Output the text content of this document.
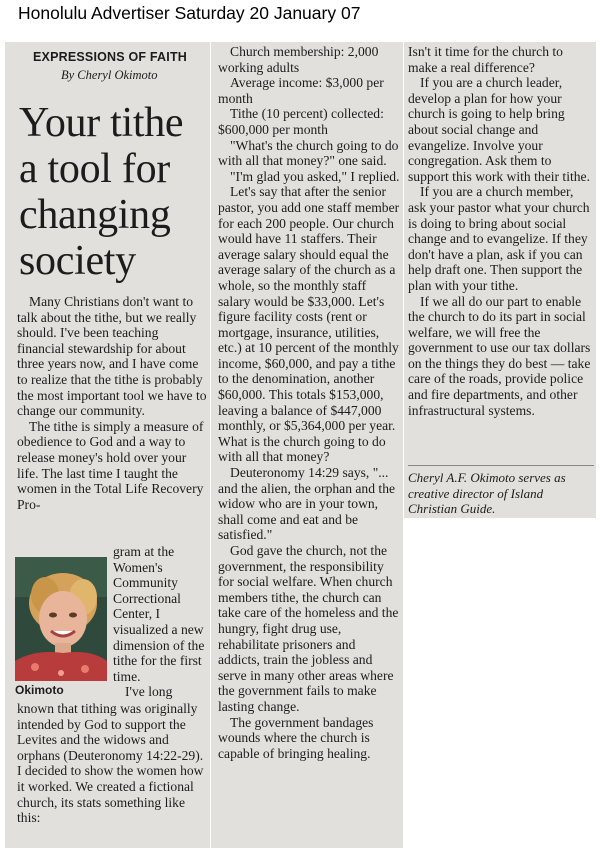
Honolulu Advertiser Saturday 20 January 07
EXPRESSIONS OF FAITH
By Cheryl Okimoto
Your tithe a tool for changing society

Many Christians don't want to talk about the tithe, but we really should. I've been teaching financial stewardship for about three years now, and I have come to realize that the tithe is probably the most important tool we have to change our community.

The tithe is simply a measure of obedience to God and a way to release money's hold over your life. The last time I taught the women in the Total Life Recovery Pro-

Okimoto

gram at the Women's Community Correctional Center, I visualized a new dimension of the tithe for the first time.

I've long

known that tithing was originally intended by God to support the Levites and the widows and orphans (Deuteronomy 14:22-29). I decided to show the women how it worked. We created a fictional church, its stats something like this:

Church membership: 2,000 working adults

Average income: $3,000 per month

Tithe (10 percent) collected: $600,000 per month

"What's the church going to do with all that money?" one said.

"I'm glad you asked," I replied.

Let's say that after the senior pastor, you add one staff member for each 200 people. Our church would have 11 staffers. Their average salary should equal the average salary of the church as a whole, so the monthly staff salary would be $33,000. Let's figure facility costs (rent or mortgage, insurance, utilities, etc.) at 10 percent of the monthly income, $60,000, and pay a tithe to the denomination, another $60,000. This totals $153,000, leaving a balance of $447,000 monthly, or $5,364,000 per year. What is the church going to do with all that money?

Deuteronomy 14:29 says, "... and the alien, the orphan and the widow who are in your town, shall come and eat and be satisfied."

God gave the church, not the government, the responsibility for social welfare. When church members tithe, the church can take care of the homeless and the hungry, fight drug use, rehabilitate prisoners and addicts, train the jobless and serve in many other areas where the government fails to make lasting change.

The government bandages wounds where the church is capable of bringing healing.

Isn't it time for the church to make a real difference?

If you are a church leader, develop a plan for how your church is going to help bring about social change and evangelize. Involve your congregation. Ask them to support this work with their tithe.

If you are a church member, ask your pastor what your church is doing to bring about social change and to evangelize. If they don't have a plan, ask if you can help draft one. Then support the plan with your tithe.

If we all do our part to enable the church to do its part in social welfare, we will free the government to use our tax dollars on the things they do best — take care of the roads, provide police and fire departments, and other infrastructural systems.

Cheryl A.F. Okimoto serves as creative director of Island Christian Guide.
